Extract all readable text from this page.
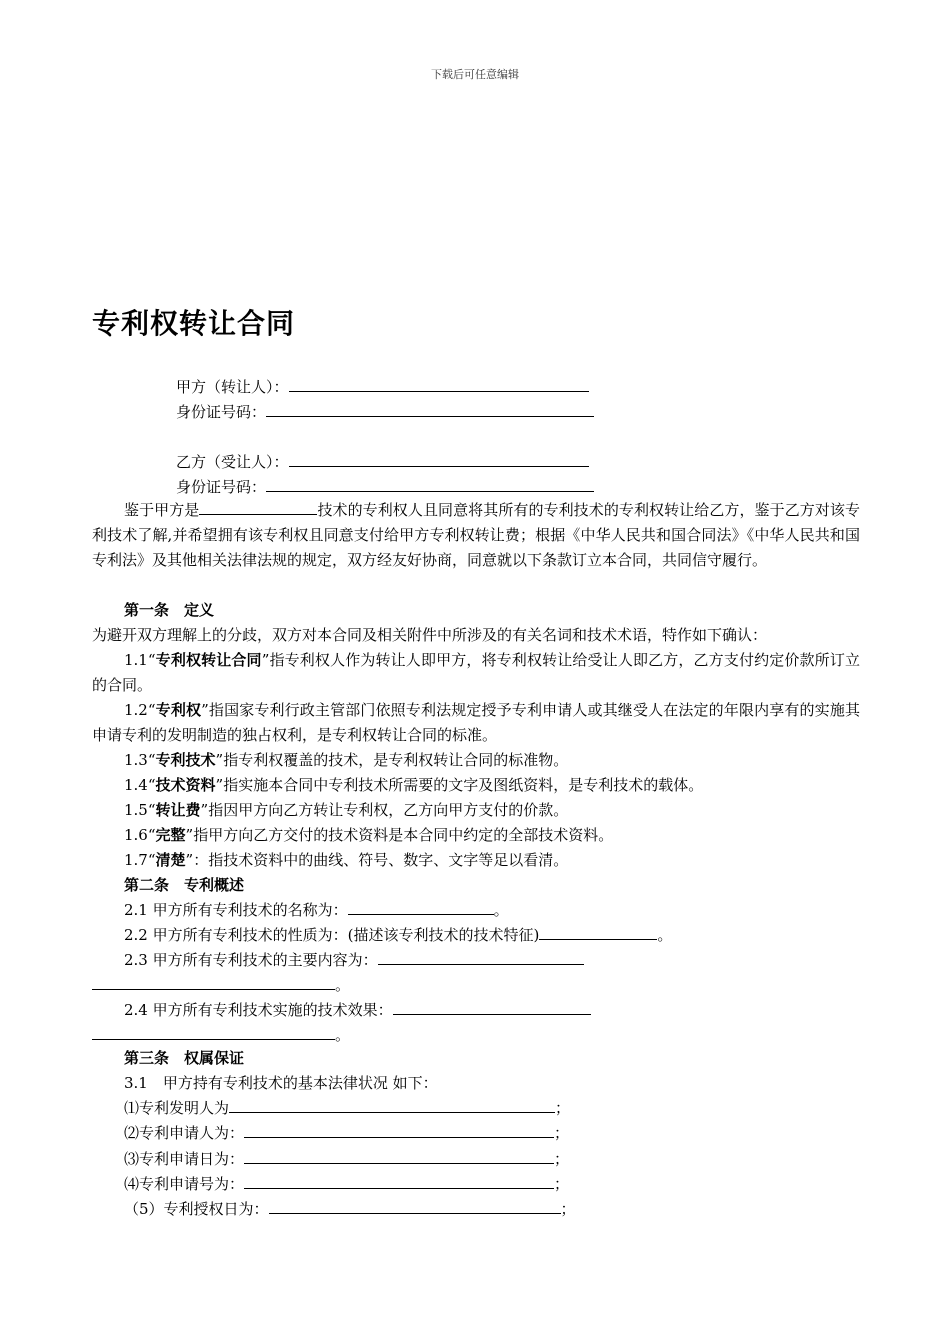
下载后可任意编辑
专利权转让合同
甲方（转让人）：
身份证号码：
乙方（受让人）：
身份证号码：

鉴于甲方是	技术的专利权人且同意将其所有的专利技术的专利权转让给乙方，鉴于乙方对该专利技术了解,并希望拥有该专利权且同意支付给甲方专利权转让费；根据《中华人民共和国合同法》《中华人民共和国专利法》及其他相关法律法规的规定，双方经友好协商，同意就以下条款订立本合同，共同信守履行。

第一条　定义
为避开双方理解上的分歧，双方对本合同及相关附件中所涉及的有关名词和技术术语，特作如下确认：

1.1“专利权转让合同”指专利权人作为转让人即甲方，将专利权转让给受让人即乙方，乙方支付约定价款所订立的合同。

1.2“专利权”指国家专利行政主管部门依照专利法规定授予专利申请人或其继受人在法定的年限内享有的实施其申请专利的发明制造的独占权利，是专利权转让合同的标准。

1.3“专利技术”指专利权覆盖的技术，是专利权转让合同的标准物。

1.4“技术资料”指实施本合同中专利技术所需要的文字及图纸资料，是专利技术的载体。

1.5“转让费”指因甲方向乙方转让专利权，乙方向甲方支付的价款。

1.6“完整”指甲方向乙方交付的技术资料是本合同中约定的全部技术资料。

1.7“清楚”：指技术资料中的曲线、符号、数字、文字等足以看清。

第二条　专利概述
2.1 甲方所有专利技术的名称为：	。
2.2 甲方所有专利技术的性质为：(描述该专利技术的技术特征)	。
2.3 甲方所有专利技术的主要内容为：
。
2.4 甲方所有专利技术实施的技术效果：
。
第三条　权属保证
3.1　甲方持有专利技术的基本法律状况 如下：
⑴专利发明人为	；
⑵专利申请人为：	；
⑶专利申请日为：	；
⑷专利申请号为：	；
（5）专利授权日为：	；
